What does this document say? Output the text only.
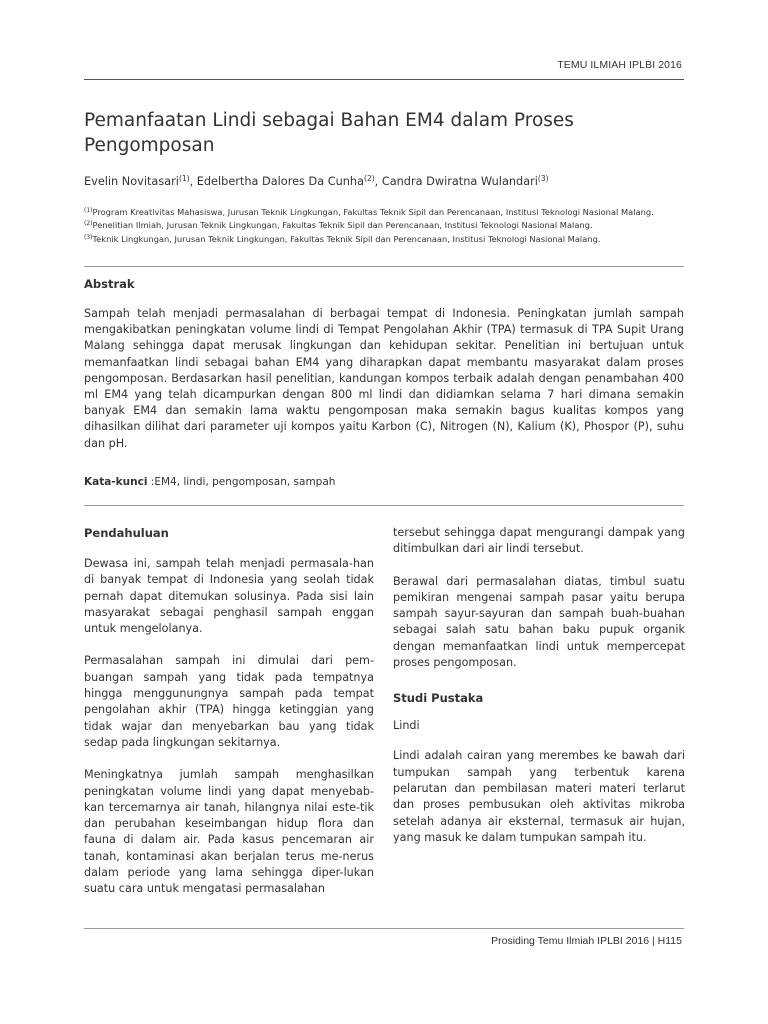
TEMU ILMIAH IPLBI 2016
Pemanfaatan Lindi sebagai Bahan EM4 dalam Proses Pengomposan
Evelin Novitasari$^{(1)}$, Edelbertha Dalores Da Cunha$^{(2)}$, Candra Dwiratna Wulandari$^{(3)}$

$^{(1)}$Program Kreativitas Mahasiswa, Jurusan Teknik Lingkungan, Fakultas Teknik Sipil dan Perencanaan, Institusi Teknologi Nasional Malang.

$^{(2)}$Penelitian Ilmiah, Jurusan Teknik Lingkungan, Fakultas Teknik Sipil dan Perencanaan, Institusi Teknologi Nasional Malang.

$^{(3)}$Teknik Lingkungan, Jurusan Teknik Lingkungan, Fakultas Teknik Sipil dan Perencanaan, Institusi Teknologi Nasional Malang.

Abstrak

Sampah telah menjadi permasalahan di berbagai tempat di Indonesia. Peningkatan jumlah sampah mengakibatkan peningkatan volume lindi di Tempat Pengolahan Akhir (TPA) termasuk di TPA Supit Urang Malang sehingga dapat merusak lingkungan dan kehidupan sekitar. Penelitian ini bertujuan untuk memanfaatkan lindi sebagai bahan EM4 yang diharapkan dapat membantu masyarakat dalam proses pengomposan. Berdasarkan hasil penelitian, kandungan kompos terbaik adalah dengan penambahan 400 ml EM4 yang telah dicampurkan dengan 800 ml lindi dan didiamkan selama 7 hari dimana semakin banyak EM4 dan semakin lama waktu pengomposan maka semakin bagus kualitas kompos yang dihasilkan dilihat dari parameter uji kompos yaitu Karbon (C), Nitrogen (N), Kalium (K), Phospor (P), suhu dan pH.

Kata-kunci :EM4, lindi, pengomposan, sampah

Pendahuluan

Dewasa ini, sampah telah menjadi permasala-han di banyak tempat di Indonesia yang seolah tidak pernah dapat ditemukan solusinya. Pada sisi lain masyarakat sebagai penghasil sampah enggan untuk mengelolanya.

Permasalahan sampah ini dimulai dari pem-buangan sampah yang tidak pada tempatnya hingga menggunungnya sampah pada tempat pengolahan akhir (TPA) hingga ketinggian yang tidak wajar dan menyebarkan bau yang tidak sedap pada lingkungan sekitarnya.

Meningkatnya jumlah sampah menghasilkan peningkatan volume lindi yang dapat menyebab-kan tercemarnya air tanah, hilangnya nilai este-tik dan perubahan keseimbangan hidup flora dan fauna di dalam air. Pada kasus pencemaran air tanah, kontaminasi akan berjalan terus me-nerus dalam periode yang lama sehingga diper-lukan suatu cara untuk mengatasi permasalahan

tersebut sehingga dapat mengurangi dampak yang ditimbulkan dari air lindi tersebut.

Berawal dari permasalahan diatas, timbul suatu pemikiran mengenai sampah pasar yaitu berupa sampah sayur-sayuran dan sampah buah-buahan sebagai salah satu bahan baku pupuk organik dengan memanfaatkan lindi untuk mempercepat proses pengomposan.

Studi Pustaka

Lindi

Lindi adalah cairan yang merembes ke bawah dari tumpukan sampah yang terbentuk karena pelarutan dan pembilasan materi materi terlarut dan proses pembusukan oleh aktivitas mikroba setelah adanya air eksternal, termasuk air hujan, yang masuk ke dalam tumpukan sampah itu.

Prosiding Temu Ilmiah IPLBI 2016 | H115
